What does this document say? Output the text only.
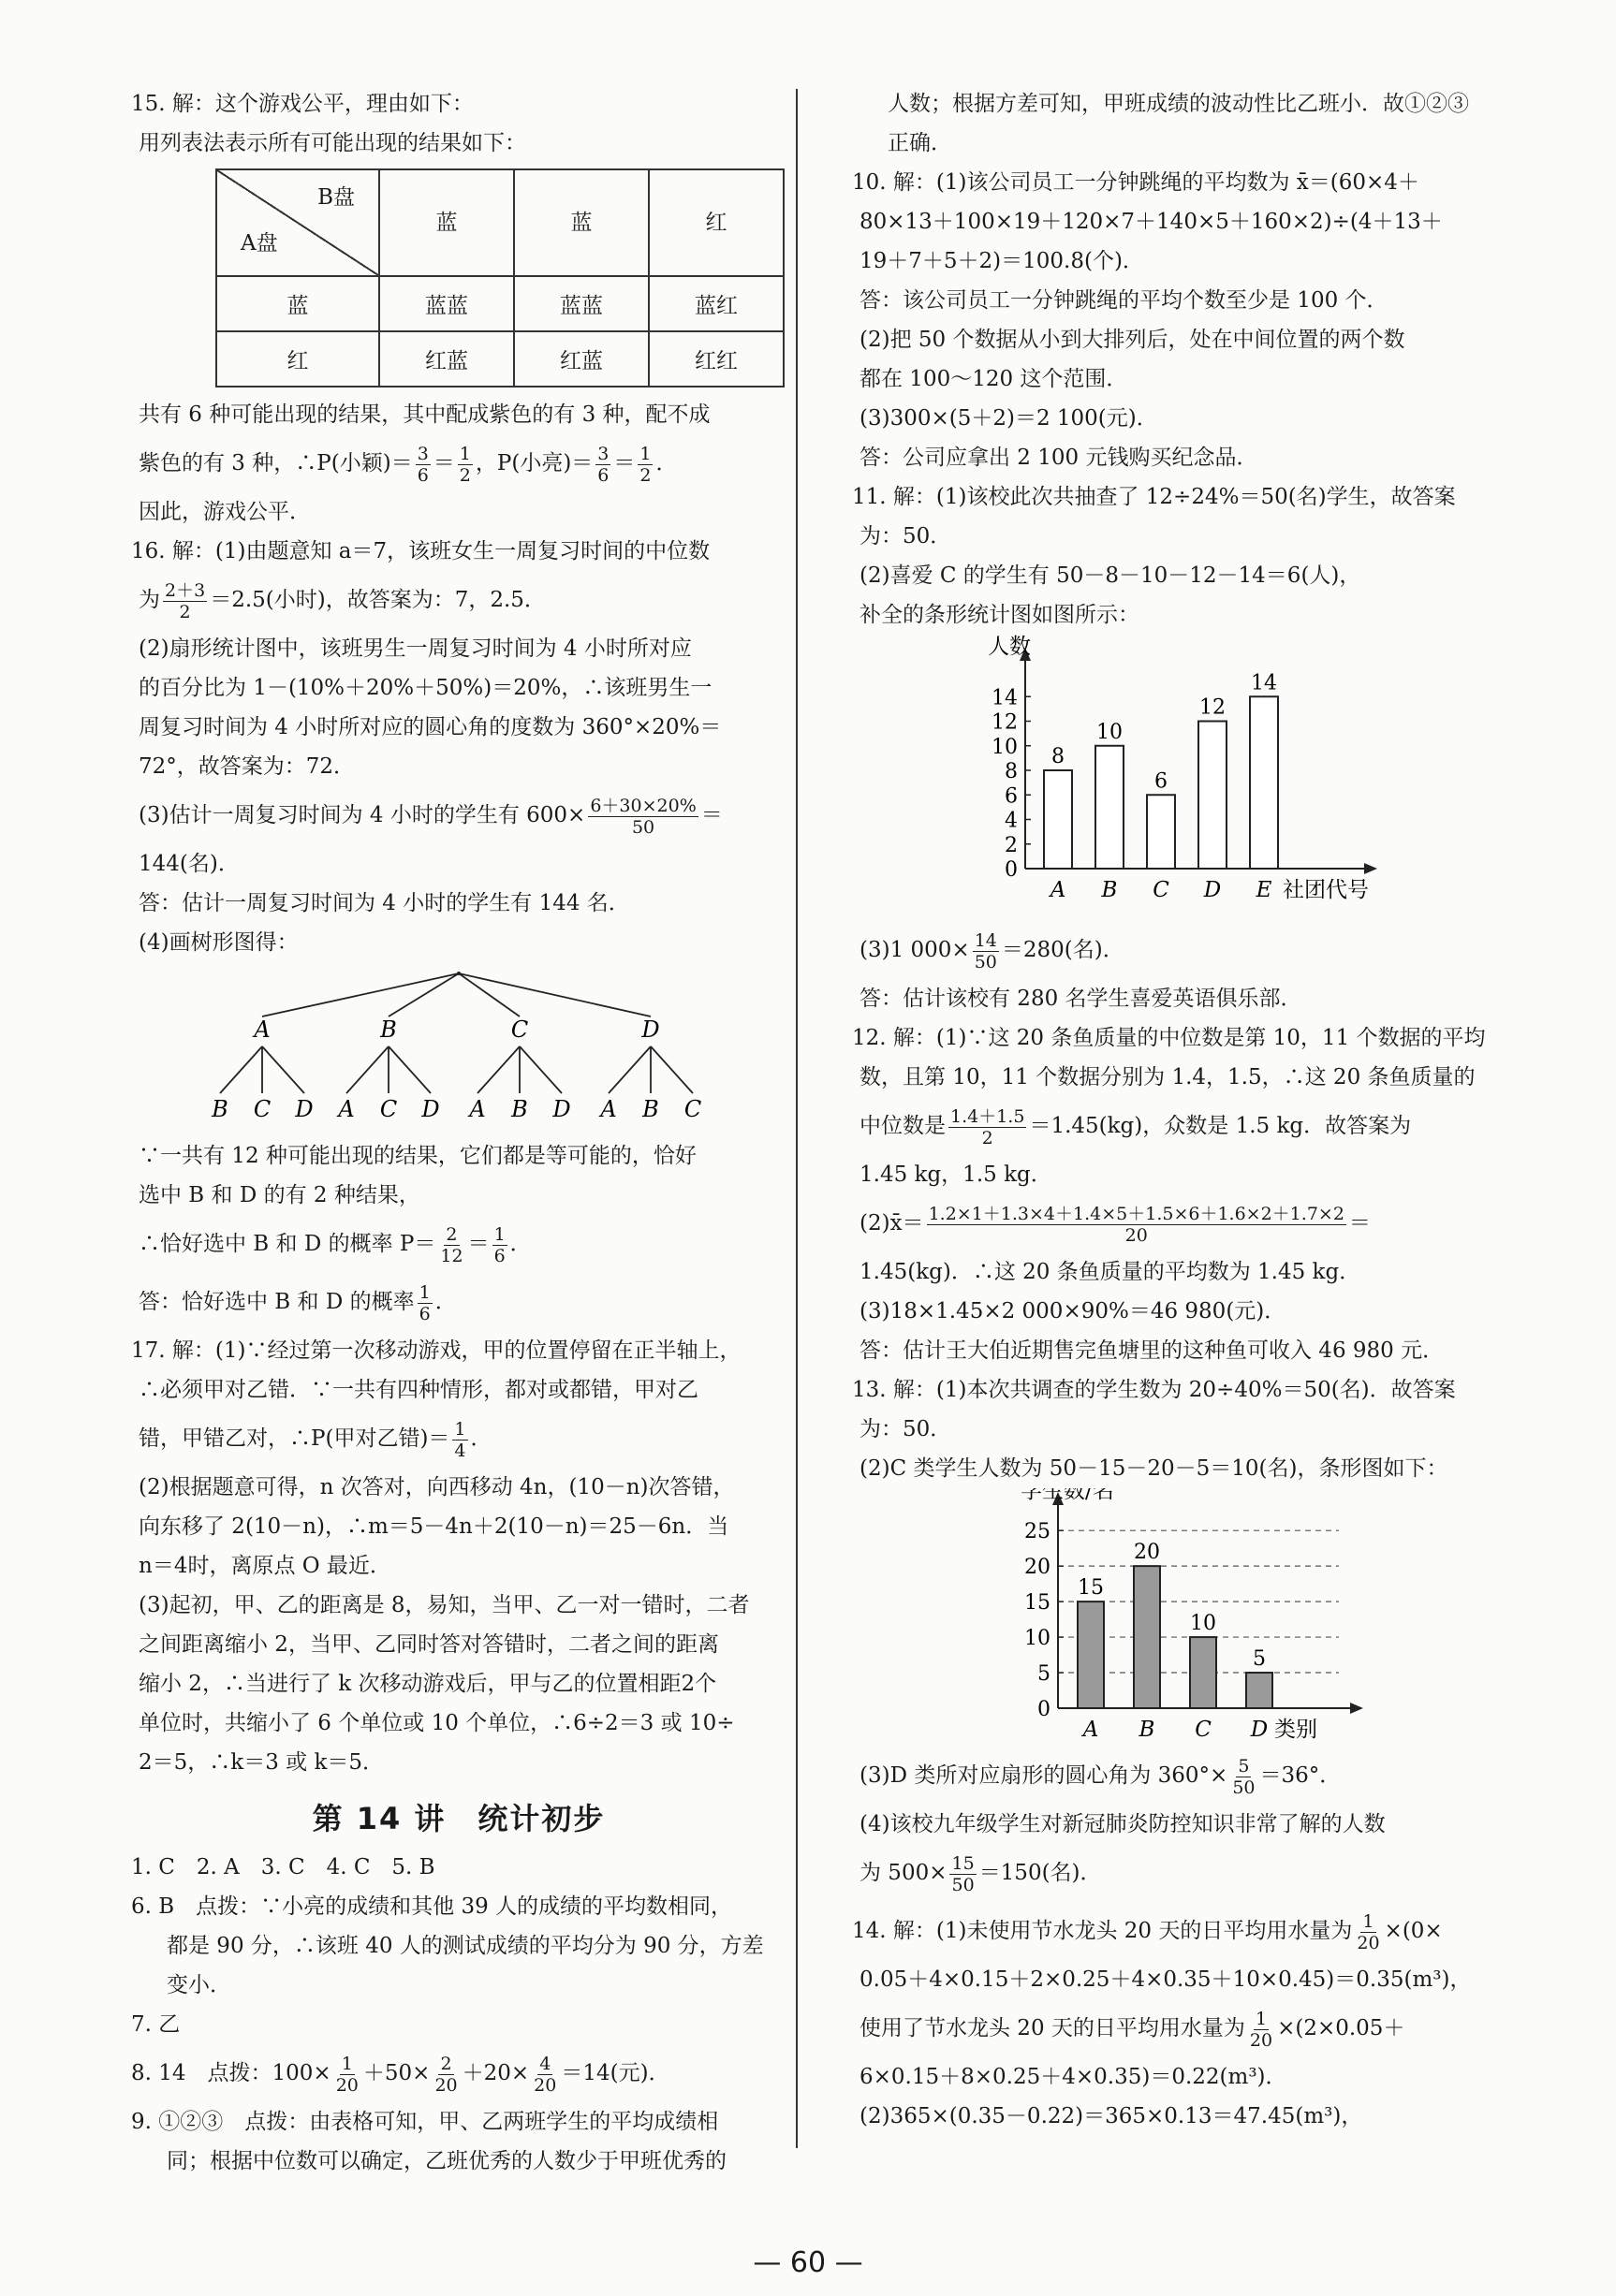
15. 解：这个游戏公平，理由如下：
用列表法表示所有可能出现的结果如下：
B盘
A盘	蓝	蓝	红
蓝	蓝蓝	蓝蓝	蓝红
红	红蓝	红蓝	红红
共有 6 种可能出现的结果，其中配成紫色的有 3 种，配不成
紫色的有 3 种，∴P(小颖)＝ $\frac{3}{6} = \frac{1}{2}$ ，P(小亮)＝ $\frac{3}{6} = \frac{1}{2}$ ．
因此，游戏公平．
16. 解：(1)由题意知 a＝7，该班女生一周复习时间的中位数
为 $\frac{2+3}{2} =2.5$(小时)，故答案为：7，2.5．
(2)扇形统计图中，该班男生一周复习时间为 4 小时所对应
的百分比为 1－(10%＋20%＋50%)＝20%，∴该班男生一
周复习时间为 4 小时所对应的圆心角的度数为 360°×20%＝
72°，故答案为：72．
(3)估计一周复习时间为 4 小时的学生有 $600\times \frac{6+30\times 20\%}{50}$ ＝
144(名)．
答：估计一周复习时间为 4 小时的学生有 144 名．
(4)画树形图得：
A
B C D
B
A C D
C
A B D
D
A B C
∵一共有 12 种可能出现的结果，它们都是等可能的，恰好
选中 B 和 D 的有 2 种结果，
∴恰好选中 B 和 D 的概率 $P= \frac{2}{12} = \frac{1}{6}$ ．
答：恰好选中 B 和 D 的概率 $\frac{1}{6}$ ．
17. 解：(1)∵经过第一次移动游戏，甲的位置停留在正半轴上，
∴必须甲对乙错．∵一共有四种情形，都对或都错，甲对乙
错，甲错乙对，∴P(甲对乙错)＝ $\frac{1}{4}$ ．
(2)根据题意可得，n 次答对，向西移动 4n，(10－n)次答错，
向东移了 2(10－n)，∴m＝5－4n＋2(10－n)＝25－6n．当
n＝4时，离原点 O 最近．
(3)起初，甲、乙的距离是 8，易知，当甲、乙一对一错时，二者
之间距离缩小 2，当甲、乙同时答对答错时，二者之间的距离
缩小 2，∴当进行了 k 次移动游戏后，甲与乙的位置相距2个
单位时，共缩小了 6 个单位或 10 个单位，∴6÷2＝3 或 10÷
2＝5，∴k＝3 或 k＝5．
第 14 讲　统计初步
1. C　2. A　3. C　4. C　5. B
6. B　点拨：∵小亮的成绩和其他 39 人的成绩的平均数相同，
都是 90 分，∴该班 40 人的测试成绩的平均分为 90 分，方差
变小．
7. 乙
8. 14　点拨：$100\times \frac{1}{20} +50\times \frac{2}{20} +20\times \frac{4}{20} =14$(元)．
9. ①②③　点拨：由表格可知，甲、乙两班学生的平均成绩相
同；根据中位数可以确定，乙班优秀的人数少于甲班优秀的
人数；根据方差可知，甲班成绩的波动性比乙班小．故①②③
正确．
10. 解：(1)该公司员工一分钟跳绳的平均数为 x̄＝(60×4＋
80×13＋100×19＋120×7＋140×5＋160×2)÷(4＋13＋
19＋7＋5＋2)＝100.8(个)．
答：该公司员工一分钟跳绳的平均个数至少是 100 个．
(2)把 50 个数据从小到大排列后，处在中间位置的两个数
都在 100～120 这个范围．
(3)300×(5＋2)＝2 100(元)．
答：公司应拿出 2 100 元钱购买纪念品．
11. 解：(1)该校此次共抽查了 12÷24%＝50(名)学生，故答案
为：50．
(2)喜爱 C 的学生有 50－8－10－12－14＝6(人)，
补全的条形统计图如图所示：
0
2
4
6
8
10
12
14
人数
8
A
10
B
6
C
12
D
14
E 社团代号
(3)1 $000\times \frac{14}{50} =280$(名)．
答：估计该校有 280 名学生喜爱英语俱乐部．
12. 解：(1)∵这 20 条鱼质量的中位数是第 10，11 个数据的平均
数，且第 10，11 个数据分别为 1.4，1.5，∴这 20 条鱼质量的
中位数是 $\frac{1.4+1.5}{2} =1.45(kg)$，众数是 1.5 kg．故答案为
1.45 kg，1.5 kg．
(2)x̄＝ $\frac{1.2\times 1+1.3\times 4+1.4\times 5+1.5\times 6+1.6\times 2+1.7\times 2}{20}$ ＝
1.45(kg)．∴这 20 条鱼质量的平均数为 1.45 kg．
(3)18×1.45×2 000×90%＝46 980(元)．
答：估计王大伯近期售完鱼塘里的这种鱼可收入 46 980 元．
13. 解：(1)本次共调查的学生数为 20÷40%＝50(名)．故答案
为：50．
(2)C 类学生人数为 50－15－20－5＝10(名)，条形图如下：
0
5
10
15
20
25
学生数/名
15
A
20
B
10
C
5
D 类别
(3)D 类所对应扇形的圆心角为 $360^\circ\times \frac{5}{50} =36^\circ$．
(4)该校九年级学生对新冠肺炎防控知识非常了解的人数
为 $500\times \frac{15}{50} =150$(名)．
14. 解：(1)未使用节水龙头 20 天的日平均用水量为 $\frac{1}{20} \times(0\times$
0.05＋4×0.15＋2×0.25＋4×0.35＋10×0.45)＝0.35(m³)，
使用了节水龙头 20 天的日平均用水量为 $\frac{1}{20} \times(2\times 0.05+$
6×0.15＋8×0.25＋4×0.35)＝0.22(m³)．
(2)365×(0.35－0.22)＝365×0.13＝47.45(m³)，
— 60 —
